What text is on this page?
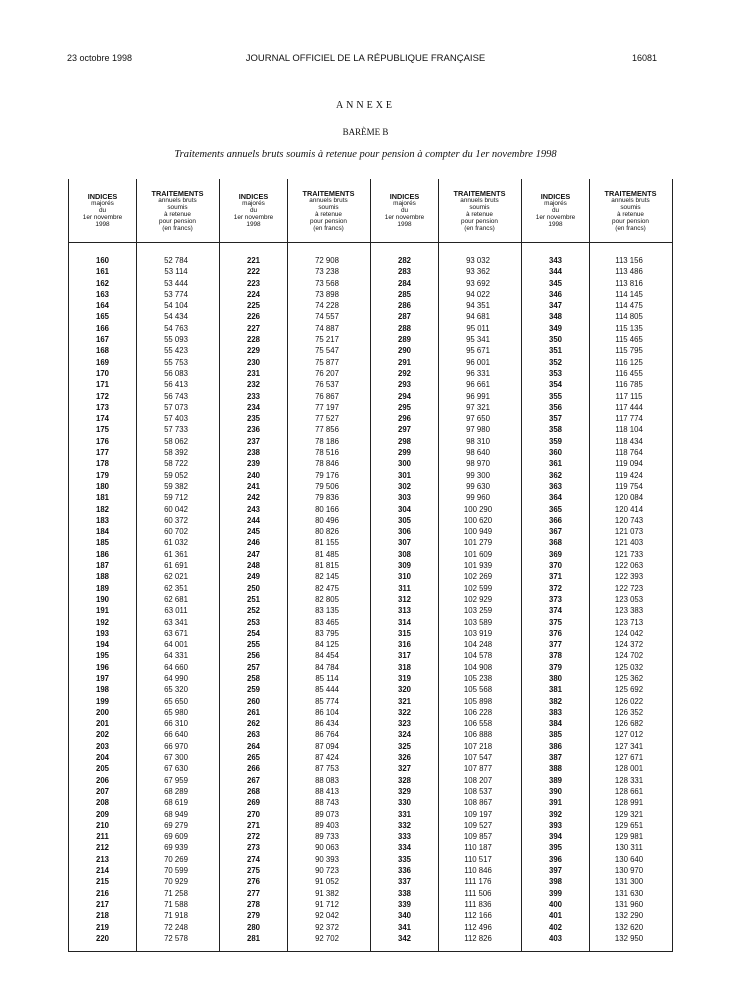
23 octobre 1998	JOURNAL OFFICIEL DE LA RÉPUBLIQUE FRANÇAISE	16081
ANNEXE
BARÈME B
Traitements annuels bruts soumis à retenue pour pension à compter du 1er novembre 1998
INDICES
majorés
du
1er novembre
1998
TRAITEMENTS
annuels bruts
soumis
à retenue
pour pension
(en francs)
160	52 784
161	53 114
162	53 444
163	53 774
164	54 104
165	54 434
166	54 763
167	55 093
168	55 423
169	55 753
170	56 083
171	56 413
172	56 743
173	57 073
174	57 403
175	57 733
176	58 062
177	58 392
178	58 722
179	59 052
180	59 382
181	59 712
182	60 042
183	60 372
184	60 702
185	61 032
186	61 361
187	61 691
188	62 021
189	62 351
190	62 681
191	63 011
192	63 341
193	63 671
194	64 001
195	64 331
196	64 660
197	64 990
198	65 320
199	65 650
200	65 980
201	66 310
202	66 640
203	66 970
204	67 300
205	67 630
206	67 959
207	68 289
208	68 619
209	68 949
210	69 279
211	69 609
212	69 939
213	70 269
214	70 599
215	70 929
216	71 258
217	71 588
218	71 918
219	72 248
220	72 578
INDICES
majorés
du
1er novembre
1998
TRAITEMENTS
annuels bruts
soumis
à retenue
pour pension
(en francs)
221	72 908
222	73 238
223	73 568
224	73 898
225	74 228
226	74 557
227	74 887
228	75 217
229	75 547
230	75 877
231	76 207
232	76 537
233	76 867
234	77 197
235	77 527
236	77 856
237	78 186
238	78 516
239	78 846
240	79 176
241	79 506
242	79 836
243	80 166
244	80 496
245	80 826
246	81 155
247	81 485
248	81 815
249	82 145
250	82 475
251	82 805
252	83 135
253	83 465
254	83 795
255	84 125
256	84 454
257	84 784
258	85 114
259	85 444
260	85 774
261	86 104
262	86 434
263	86 764
264	87 094
265	87 424
266	87 753
267	88 083
268	88 413
269	88 743
270	89 073
271	89 403
272	89 733
273	90 063
274	90 393
275	90 723
276	91 052
277	91 382
278	91 712
279	92 042
280	92 372
281	92 702
INDICES
majorés
du
1er novembre
1998
TRAITEMENTS
annuels bruts
soumis
à retenue
pour pension
(en francs)
282	93 032
283	93 362
284	93 692
285	94 022
286	94 351
287	94 681
288	95 011
289	95 341
290	95 671
291	96 001
292	96 331
293	96 661
294	96 991
295	97 321
296	97 650
297	97 980
298	98 310
299	98 640
300	98 970
301	99 300
302	99 630
303	99 960
304	100 290
305	100 620
306	100 949
307	101 279
308	101 609
309	101 939
310	102 269
311	102 599
312	102 929
313	103 259
314	103 589
315	103 919
316	104 248
317	104 578
318	104 908
319	105 238
320	105 568
321	105 898
322	106 228
323	106 558
324	106 888
325	107 218
326	107 547
327	107 877
328	108 207
329	108 537
330	108 867
331	109 197
332	109 527
333	109 857
334	110 187
335	110 517
336	110 846
337	111 176
338	111 506
339	111 836
340	112 166
341	112 496
342	112 826
INDICES
majorés
du
1er novembre
1998
TRAITEMENTS
annuels bruts
soumis
à retenue
pour pension
(en francs)
343	113 156
344	113 486
345	113 816
346	114 145
347	114 475
348	114 805
349	115 135
350	115 465
351	115 795
352	116 125
353	116 455
354	116 785
355	117 115
356	117 444
357	117 774
358	118 104
359	118 434
360	118 764
361	119 094
362	119 424
363	119 754
364	120 084
365	120 414
366	120 743
367	121 073
368	121 403
369	121 733
370	122 063
371	122 393
372	122 723
373	123 053
374	123 383
375	123 713
376	124 042
377	124 372
378	124 702
379	125 032
380	125 362
381	125 692
382	126 022
383	126 352
384	126 682
385	127 012
386	127 341
387	127 671
388	128 001
389	128 331
390	128 661
391	128 991
392	129 321
393	129 651
394	129 981
395	130 311
396	130 640
397	130 970
398	131 300
399	131 630
400	131 960
401	132 290
402	132 620
403	132 950
